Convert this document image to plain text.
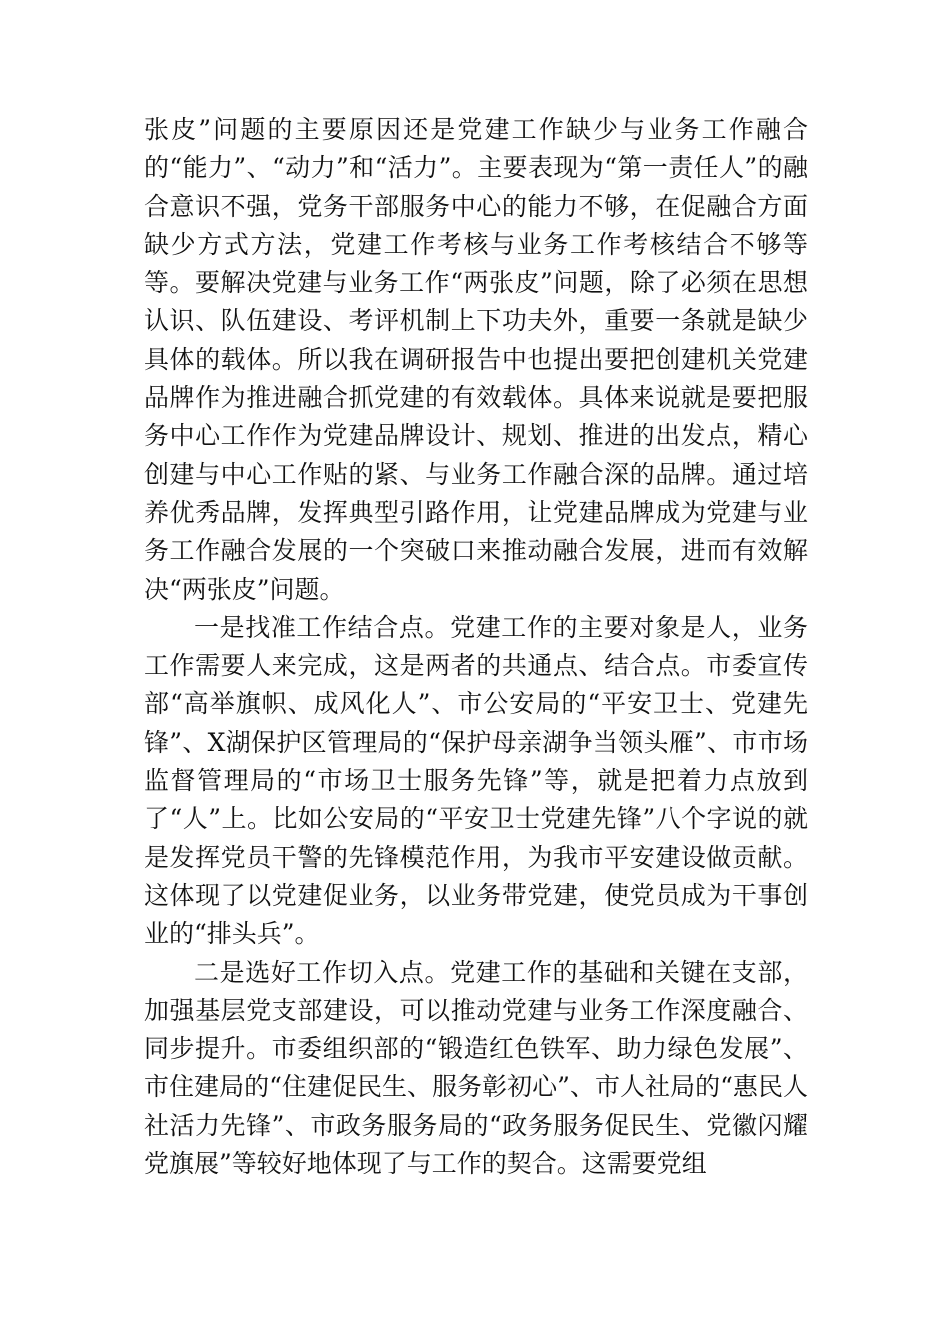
张皮”问题的主要原因还是党建工作缺少与业务工作融合的“能力”、“动力”和“活力”。主要表现为“第一责任人”的融合意识不强，党务干部服务中心的能力不够，在促融合方面缺少方式方法，党建工作考核与业务工作考核结合不够等等。要解决党建与业务工作“两张皮”问题，除了必须在思想认识、队伍建设、考评机制上下功夫外，重要一条就是缺少具体的载体。所以我在调研报告中也提出要把创建机关党建品牌作为推进融合抓党建的有效载体。具体来说就是要把服务中心工作作为党建品牌设计、规划、推进的出发点，精心创建与中心工作贴的紧、与业务工作融合深的品牌。通过培养优秀品牌，发挥典型引路作用，让党建品牌成为党建与业务工作融合发展的一个突破口来推动融合发展，进而有效解决“两张皮”问题。

一是找准工作结合点。党建工作的主要对象是人，业务工作需要人来完成，这是两者的共通点、结合点。市委宣传部“高举旗帜、成风化人”、市公安局的“平安卫士、党建先锋”、X湖保护区管理局的“保护母亲湖争当领头雁”、市市场监督管理局的“市场卫士服务先锋”等，就是把着力点放到了“人”上。比如公安局的“平安卫士党建先锋”八个字说的就是发挥党员干警的先锋模范作用，为我市平安建设做贡献。这体现了以党建促业务，以业务带党建，使党员成为干事创业的“排头兵”。

二是选好工作切入点。党建工作的基础和关键在支部，加强基层党支部建设，可以推动党建与业务工作深度融合、同步提升。市委组织部的“锻造红色铁军、助力绿色发展”、市住建局的“住建促民生、服务彰初心”、市人社局的“惠民人社活力先锋”、市政务服务局的“政务服务促民生、党徽闪耀党旗展”等较好地体现了与工作的契合。这需要党组
